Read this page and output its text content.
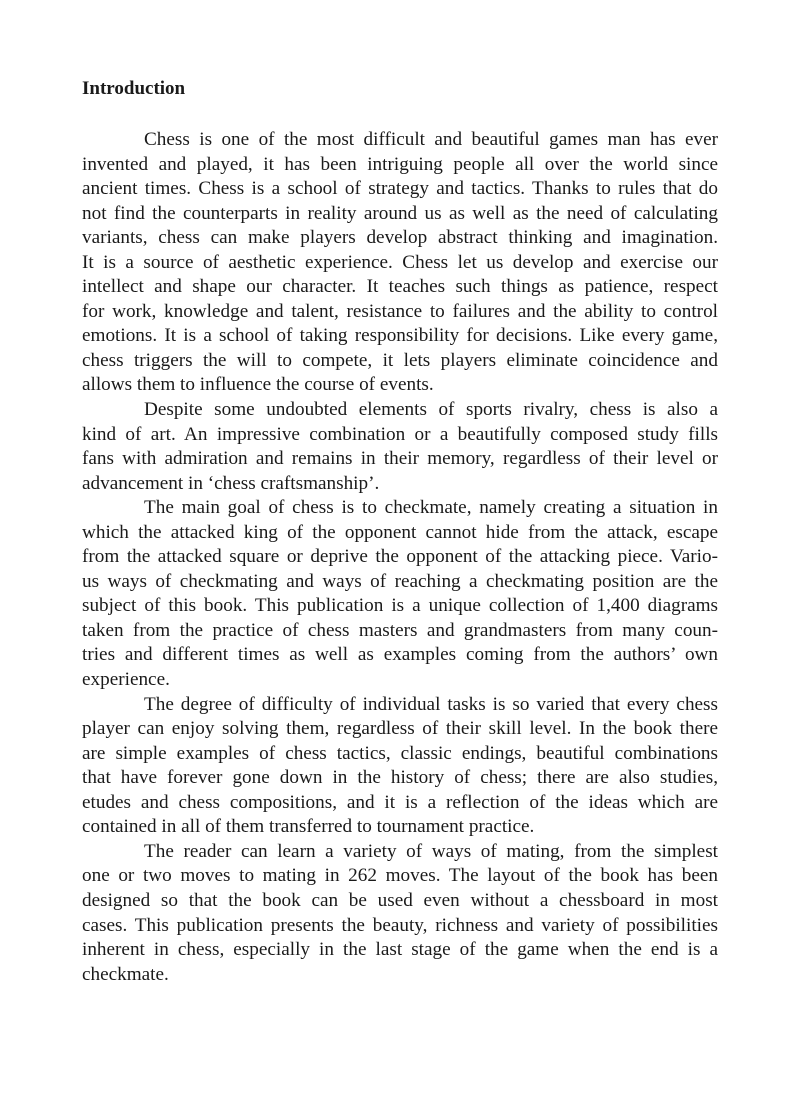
Introduction
Chess is one of the most difficult and beautiful games man has ever
invented and played, it has been intriguing people all over the world since
ancient times. Chess is a school of strategy and tactics. Thanks to rules that do
not find the counterparts in reality around us as well as the need of calculating
variants, chess can make players develop abstract thinking and imagination.
It is a source of aesthetic experience. Chess let us develop and exercise our
intellect and shape our character. It teaches such things as patience, respect
for work, knowledge and talent, resistance to failures and the ability to control
emotions. It is a school of taking responsibility for decisions. Like every game,
chess triggers the will to compete, it lets players eliminate coincidence and
allows them to influence the course of events.
Despite some undoubted elements of sports rivalry, chess is also a
kind of art. An impressive combination or a beautifully composed study fills
fans with admiration and remains in their memory, regardless of their level or
advancement in ‘chess craftsmanship’.
The main goal of chess is to checkmate, namely creating a situation in
which the attacked king of the opponent cannot hide from the attack, escape
from the attacked square or deprive the opponent of the attacking piece. Vario-
us ways of checkmating and ways of reaching a checkmating position are the
subject of this book. This publication is a unique collection of 1,400 diagrams
taken from the practice of chess masters and grandmasters from many coun-
tries and different times as well as examples coming from the authors’ own
experience.
The degree of difficulty of individual tasks is so varied that every chess
player can enjoy solving them, regardless of their skill level. In the book there
are simple examples of chess tactics, classic endings, beautiful combinations
that have forever gone down in the history of chess; there are also studies,
etudes and chess compositions, and it is a reflection of the ideas which are
contained in all of them transferred to tournament practice.
The reader can learn a variety of ways of mating, from the simplest
one or two moves to mating in 262 moves. The layout of the book has been
designed so that the book can be used even without a chessboard in most
cases. This publication presents the beauty, richness and variety of possibilities
inherent in chess, especially in the last stage of the game when the end is a
checkmate.
